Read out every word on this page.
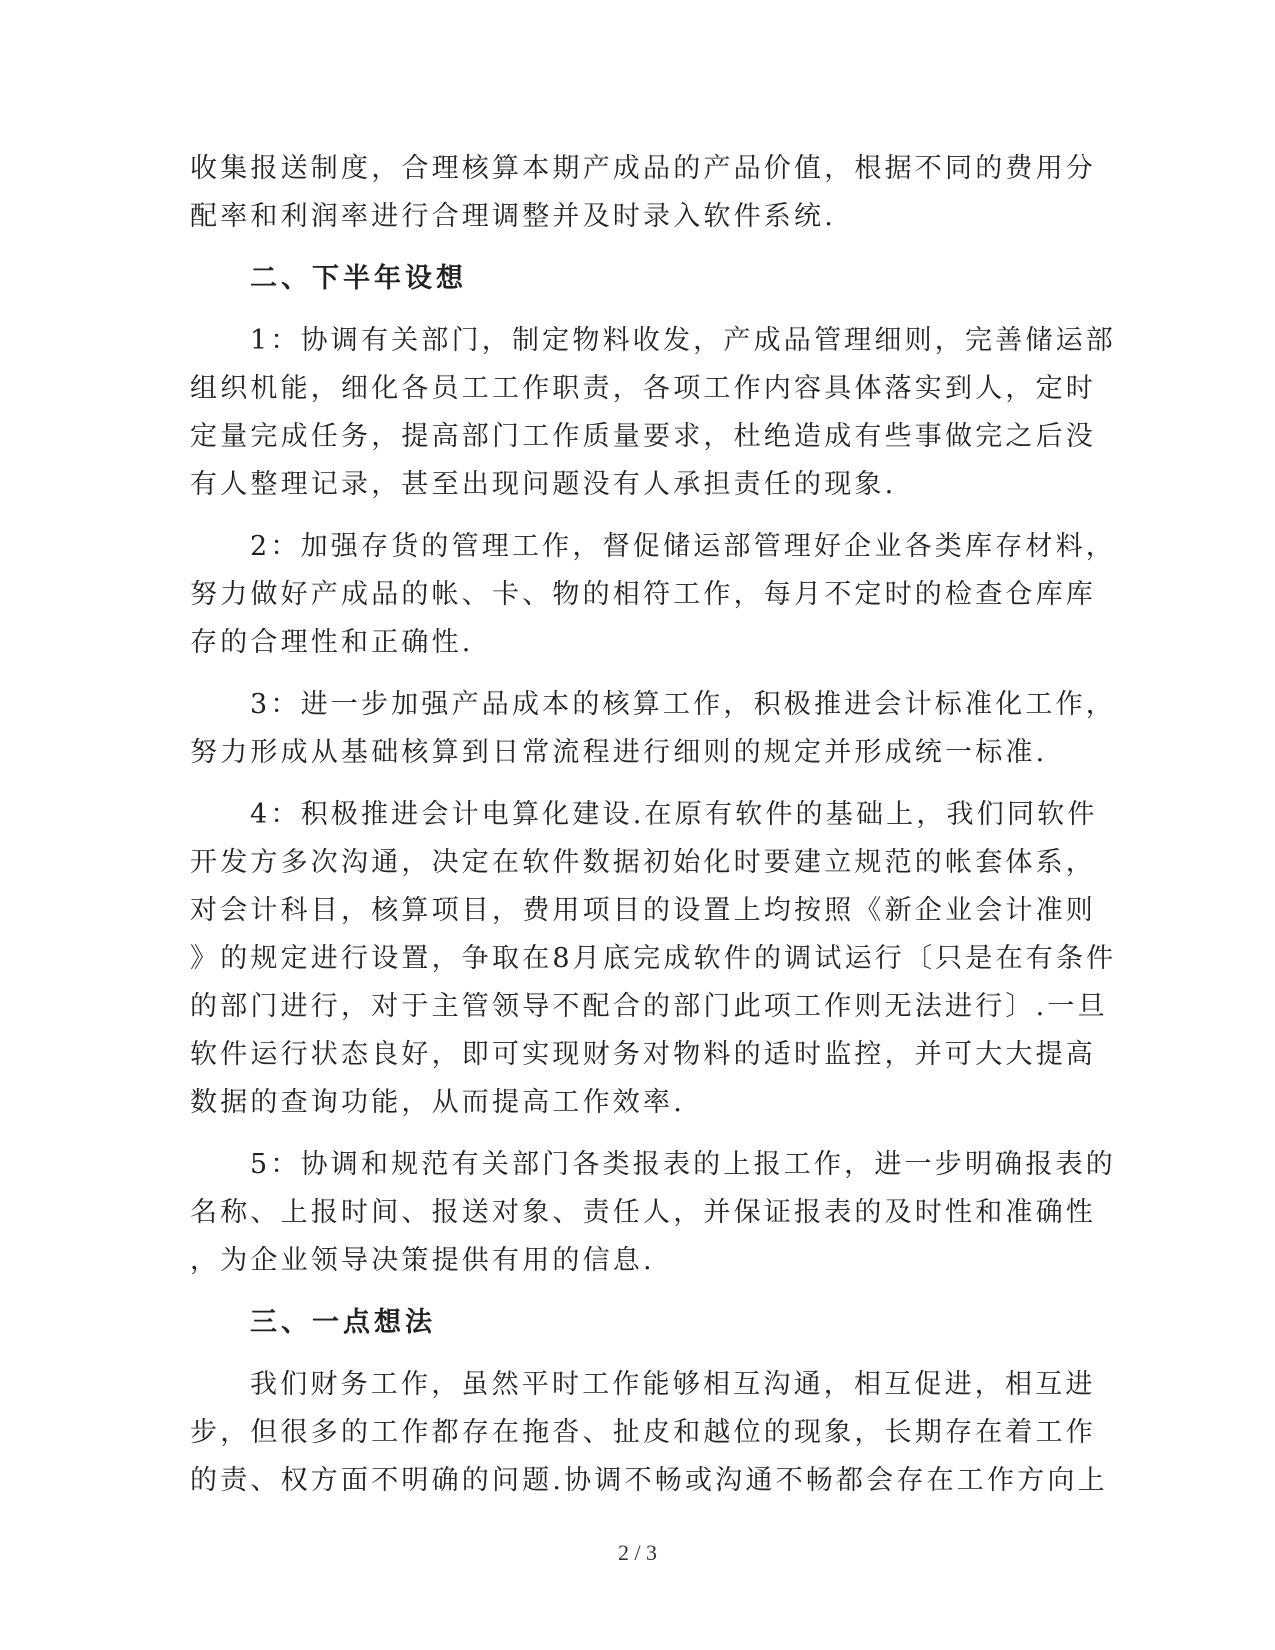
收集报送制度，合理核算本期产成品的产品价值，根据不同的费用分
配率和利润率进行合理调整并及时录入软件系统.
二、下半年设想
1：协调有关部门，制定物料收发，产成品管理细则，完善储运部
组织机能，细化各员工工作职责，各项工作内容具体落实到人，定时
定量完成任务，提高部门工作质量要求，杜绝造成有些事做完之后没
有人整理记录，甚至出现问题没有人承担责任的现象.
2：加强存货的管理工作，督促储运部管理好企业各类库存材料，
努力做好产成品的帐、卡、物的相符工作，每月不定时的检查仓库库
存的合理性和正确性.
3：进一步加强产品成本的核算工作，积极推进会计标准化工作，
努力形成从基础核算到日常流程进行细则的规定并形成统一标准.
4：积极推进会计电算化建设.在原有软件的基础上，我们同软件
开发方多次沟通，决定在软件数据初始化时要建立规范的帐套体系，
对会计科目，核算项目，费用项目的设置上均按照《新企业会计准则
》的规定进行设置，争取在8月底完成软件的调试运行〔只是在有条件
的部门进行，对于主管领导不配合的部门此项工作则无法进行〕.一旦
软件运行状态良好，即可实现财务对物料的适时监控，并可大大提高
数据的查询功能，从而提高工作效率.
5：协调和规范有关部门各类报表的上报工作，进一步明确报表的
名称、上报时间、报送对象、责任人，并保证报表的及时性和准确性
，为企业领导决策提供有用的信息.
三、一点想法
我们财务工作，虽然平时工作能够相互沟通，相互促进，相互进
步，但很多的工作都存在拖沓、扯皮和越位的现象，长期存在着工作
的责、权方面不明确的问题.协调不畅或沟通不畅都会存在工作方向上
2 / 3
